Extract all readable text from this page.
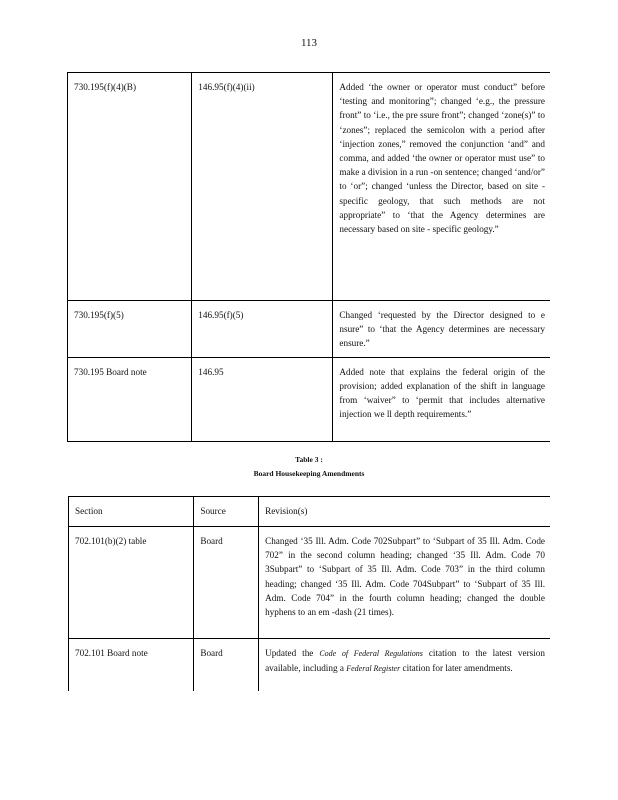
113
730.195(f)(4)(B)	146.95(f)(4)(ii)	Added ‘the owner or operator must conduct” before ‘testing and monitoring”; changed ‘e.g., the pressure front” to ‘i.e., the pre ssure front”; changed ‘zone(s)” to ‘zones”; replaced the semicolon with a period after ‘injection zones,” removed the conjunction ‘and” and comma, and added ‘the owner or operator must use” to make a division in a run -on sentence; changed ‘and/or” to ‘or”; changed ‘unless the Director, based on site -specific geology, that such methods are not appropriate” to ‘that the Agency determines are necessary based on site - specific geology.”

730.195(f)(5)	146.95(f)(5)	Changed ‘requested by the Director designed to e nsure” to ‘that the Agency determines are necessary ensure.”

730.195 Board note	146.95	Added note that explains the federal origin of the provision; added explanation of the shift in language from ‘waiver” to ‘permit that includes alternative injection we ll depth requirements.”
Table 3 :
Board Housekeeping Amendments
Section	Source	Revision(s)

702.101(b)(2) table	Board	Changed ‘35 Ill. Adm. Code 702Subpart” to ‘Subpart of 35 Ill. Adm. Code 702” in the second column heading; changed ‘35 Ill. Adm. Code 70 3Subpart” to ‘Subpart of 35 Ill. Adm. Code 703” in the third column heading; changed ‘35 Ill. Adm. Code 704Subpart” to ‘Subpart of 35 Ill. Adm. Code 704” in the fourth column heading; changed the double hyphens to an em -dash (21 times).

702.101 Board note	Board	Updated the Code of Federal Regulations citation to the latest version available, including a Federal Register citation for later amendments.
